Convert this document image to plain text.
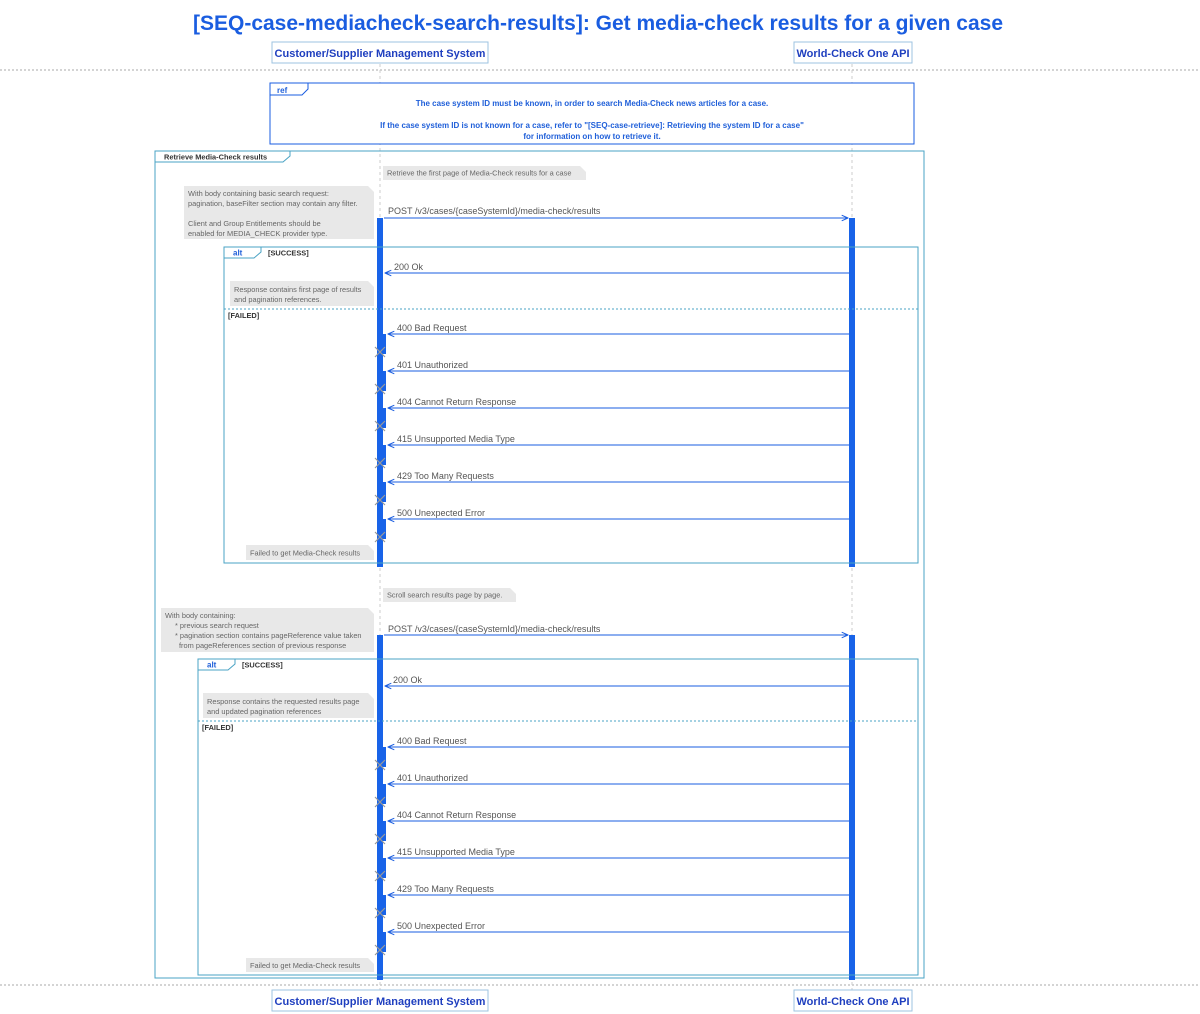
[SEQ-case-mediacheck-search-results]: Get media-check results for a given case
Customer/Supplier Management System	World-Check One API
Customer/Supplier Management System	World-Check One API
ref
The case system ID must be known, in order to search Media-Check news articles for a case.
If the case system ID is not known for a case, refer to "[SEQ-case-retrieve]: Retrieving the system ID for a case"
for information on how to retrieve it.
Retrieve Media-Check results
Retrieve the first page of Media-Check results for a case
With body containing basic search request:
pagination, baseFilter section may contain any filter.
Client and Group Entitlements should be
enabled for MEDIA_CHECK provider type.
POST /v3/cases/{caseSystemId}/media-check/results
alt	[SUCCESS]
200 Ok
Response contains first page of results
and pagination references.
[FAILED]
400 Bad Request
401 Unauthorized
404 Cannot Return Response
415 Unsupported Media Type
429 Too Many Requests
500 Unexpected Error
Failed to get Media-Check results
Scroll search results page by page.
With body containing:
* previous search request
* pagination section contains pageReference value taken
from pageReferences section of previous response
POST /v3/cases/{caseSystemId}/media-check/results
alt	[SUCCESS]
200 Ok
Response contains the requested results page
and updated pagination references
[FAILED]
400 Bad Request
401 Unauthorized
404 Cannot Return Response
415 Unsupported Media Type
429 Too Many Requests
500 Unexpected Error
Failed to get Media-Check results
